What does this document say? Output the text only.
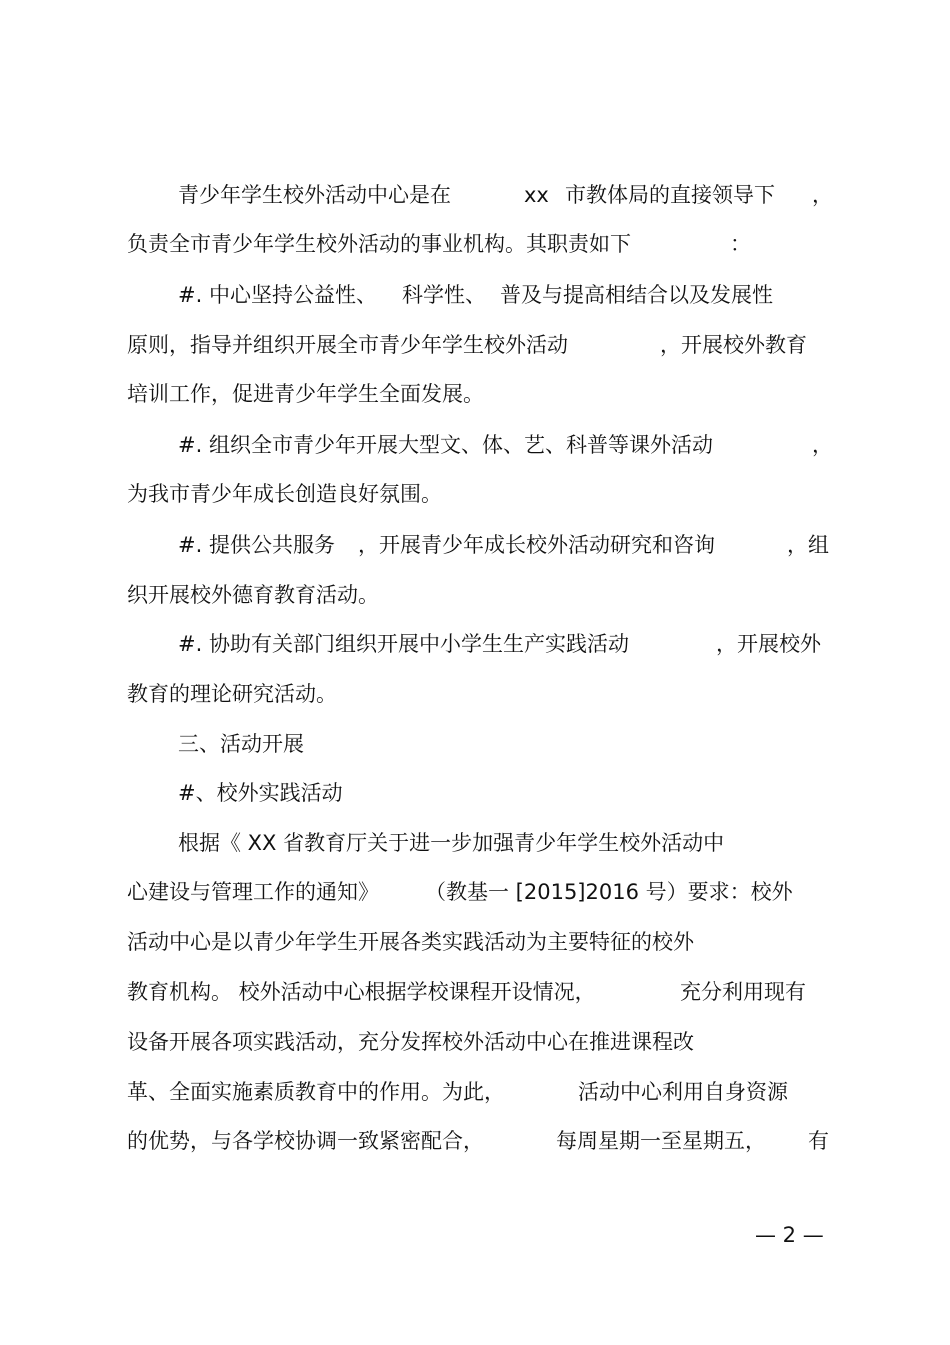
青少年学生校外活动中心是在	xx 市教体局的直接领导下 ，
负责全市青少年学生校外活动的事业机构。其职责如下	：
#. 中心坚持公益性、 科学性、 普及与提高相结合以及发展性
原则，指导并组织开展全市青少年学生校外活动	，开展校外教育
培训工作，促进青少年学生全面发展。
#. 组织全市青少年开展大型文、体、艺、科普等课外活动	，
为我市青少年成长创造良好氛围。
#. 提供公共服务 ，开展青少年成长校外活动研究和咨询	，组
织开展校外德育教育活动。
#. 协助有关部门组织开展中小学生生产实践活动	，开展校外
教育的理论研究活动。
三、活动开展
#、校外实践活动
根据《 XX 省教育厅关于进一步加强青少年学生校外活动中
心建设与管理工作的通知》 （教基一 [2015]2016 号）要求：校外
活动中心是以青少年学生开展各类实践活动为主要特征的校外
教育机构。 校外活动中心根据学校课程开设情况，	充分利用现有
设备开展各项实践活动，充分发挥校外活动中心在推进课程改
革、全面实施素质教育中的作用。为此，	活动中心利用自身资源
的优势，与各学校协调一致紧密配合，	每周星期一至星期五， 有
— 2 —
